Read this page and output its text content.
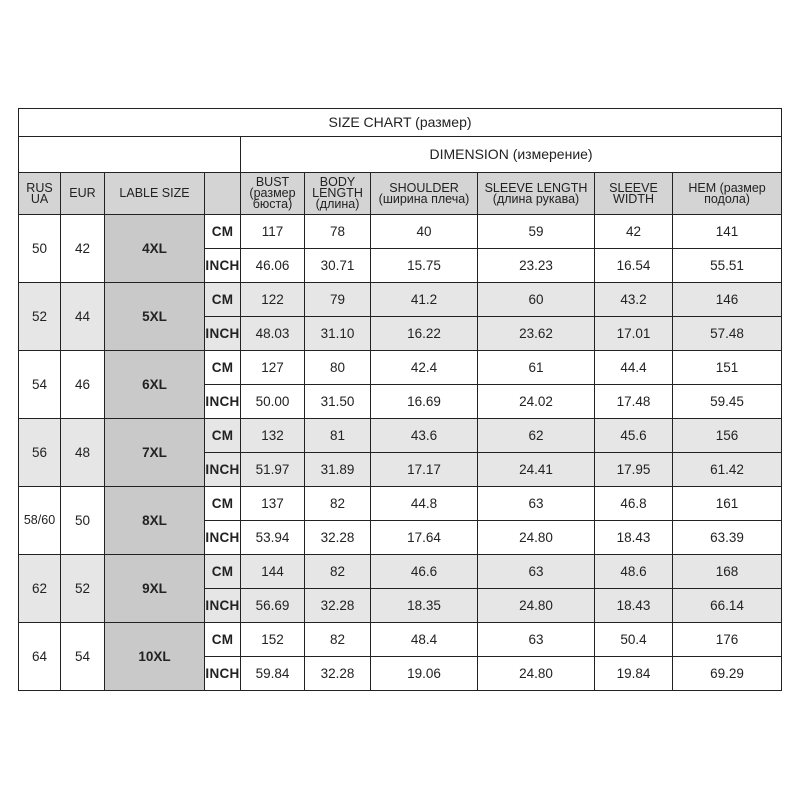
SIZE CHART (размер)									
				DIMENSION (измерение)					
RUS UA	EUR	LABLE SIZE		BUST (размер бюста)	BODY LENGTH (длина)	SHOULDER (ширина плеча)	SLEEVE LENGTH (длина рукава)	SLEEVE WIDTH	HEM (размер подола)
50	42	4XL	CM	117	78	40	59	42	141
			INCH	46.06	30.71	15.75	23.23	16.54	55.51
52	44	5XL	CM	122	79	41.2	60	43.2	146
			INCH	48.03	31.10	16.22	23.62	17.01	57.48
54	46	6XL	CM	127	80	42.4	61	44.4	151
			INCH	50.00	31.50	16.69	24.02	17.48	59.45
56	48	7XL	CM	132	81	43.6	62	45.6	156
			INCH	51.97	31.89	17.17	24.41	17.95	61.42
58/60	50	8XL	CM	137	82	44.8	63	46.8	161
			INCH	53.94	32.28	17.64	24.80	18.43	63.39
62	52	9XL	CM	144	82	46.6	63	48.6	168
			INCH	56.69	32.28	18.35	24.80	18.43	66.14
64	54	10XL	CM	152	82	48.4	63	50.4	176
			INCH	59.84	32.28	19.06	24.80	19.84	69.29
